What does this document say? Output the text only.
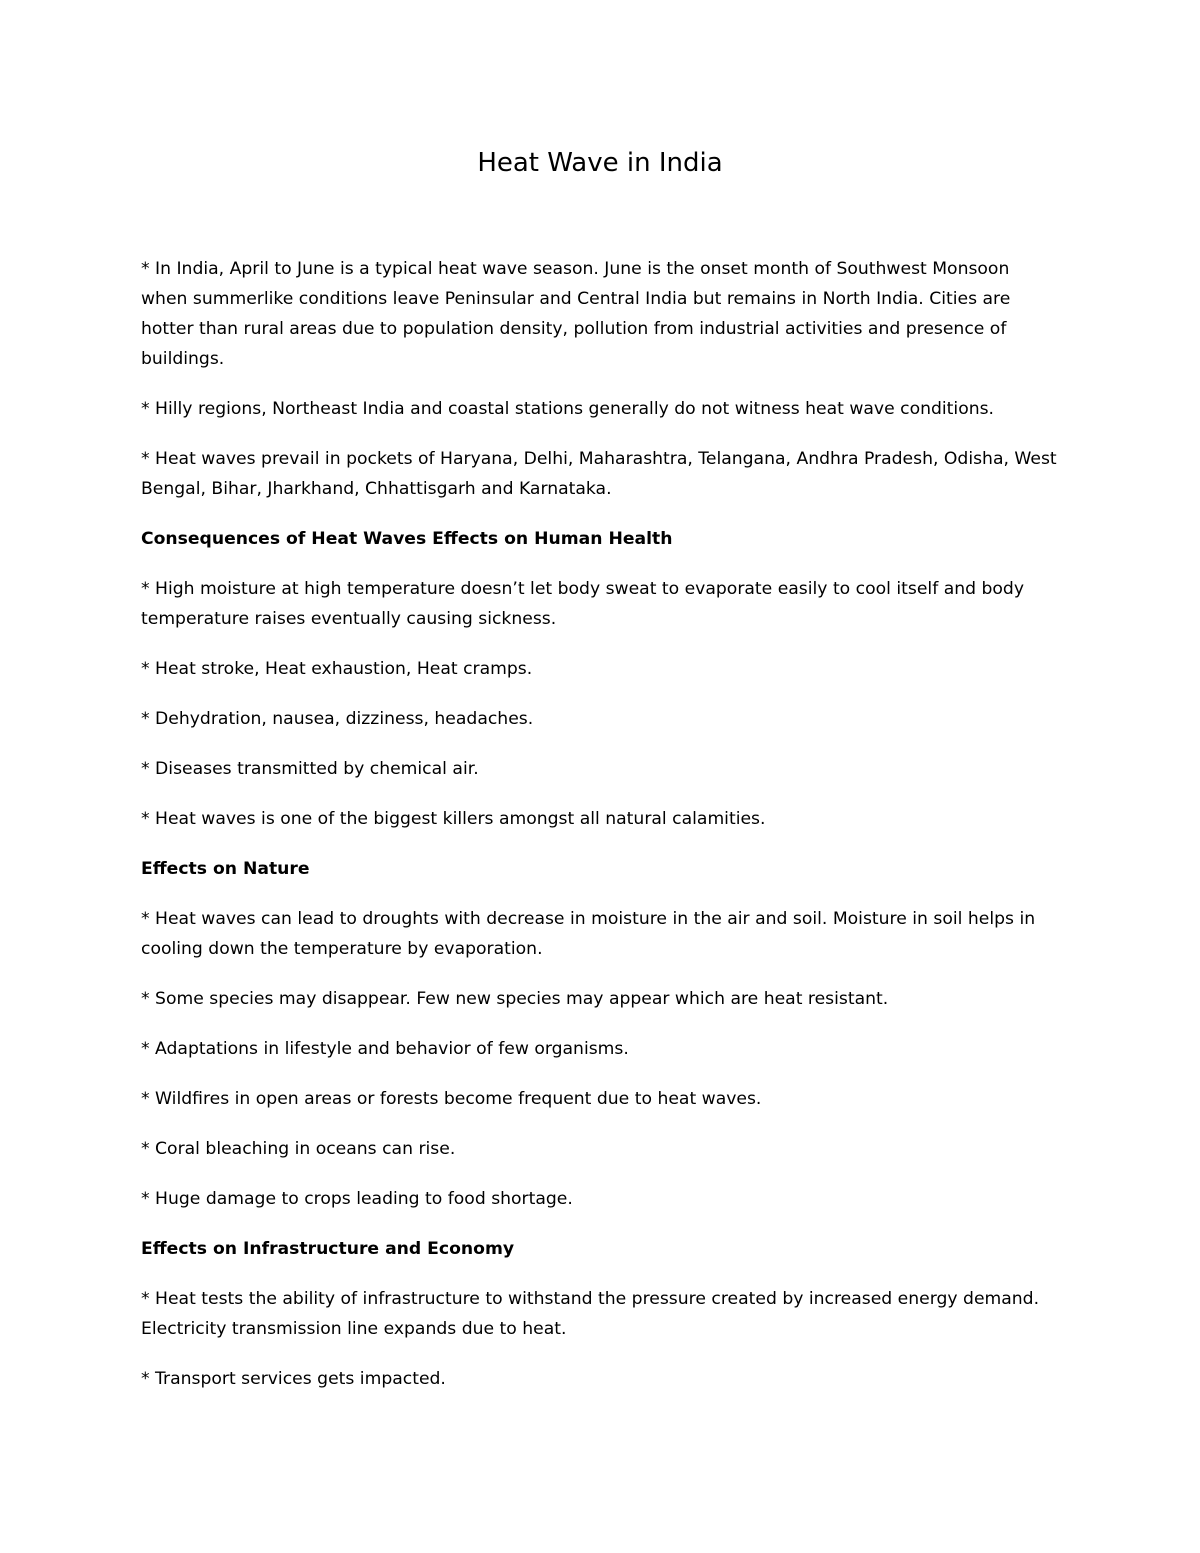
Heat Wave in India

* In India, April to June is a typical heat wave season. June is the onset month of Southwest Monsoon when summerlike conditions leave Peninsular and Central India but remains in North India. Cities are hotter than rural areas due to population density, pollution from industrial activities and presence of buildings.

* Hilly regions, Northeast India and coastal stations generally do not witness heat wave conditions.

* Heat waves prevail in pockets of Haryana, Delhi, Maharashtra, Telangana, Andhra Pradesh, Odisha, West Bengal, Bihar, Jharkhand, Chhattisgarh and Karnataka.

Consequences of Heat Waves Effects on Human Health

* High moisture at high temperature doesn’t let body sweat to evaporate easily to cool itself and body temperature raises eventually causing sickness.

* Heat stroke, Heat exhaustion, Heat cramps.

* Dehydration, nausea, dizziness, headaches.

* Diseases transmitted by chemical air.

* Heat waves is one of the biggest killers amongst all natural calamities.

Effects on Nature

* Heat waves can lead to droughts with decrease in moisture in the air and soil. Moisture in soil helps in cooling down the temperature by evaporation.

* Some species may disappear. Few new species may appear which are heat resistant.

* Adaptations in lifestyle and behavior of few organisms.

* Wildfires in open areas or forests become frequent due to heat waves.

* Coral bleaching in oceans can rise.

* Huge damage to crops leading to food shortage.

Effects on Infrastructure and Economy

* Heat tests the ability of infrastructure to withstand the pressure created by increased energy demand. Electricity transmission line expands due to heat.

* Transport services gets impacted.
